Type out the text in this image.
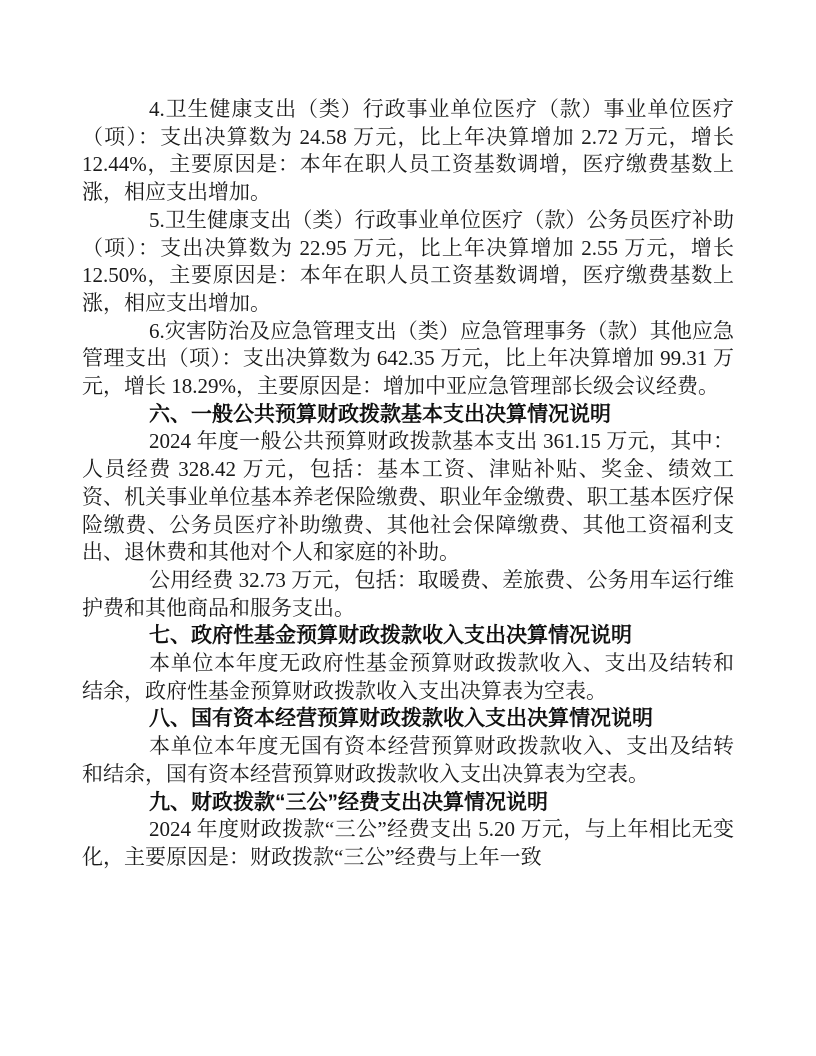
4.卫生健康支出（类）行政事业单位医疗（款）事业单位医疗（项）：支出决算数为 24.58 万元，比上年决算增加 2.72 万元，增长 12.44%，主要原因是：本年在职人员工资基数调增，医疗缴费基数上涨，相应支出增加。

5.卫生健康支出（类）行政事业单位医疗（款）公务员医疗补助（项）：支出决算数为 22.95 万元，比上年决算增加 2.55 万元，增长 12.50%，主要原因是：本年在职人员工资基数调增，医疗缴费基数上涨，相应支出增加。

6.灾害防治及应急管理支出（类）应急管理事务（款）其他应急管理支出（项）：支出决算数为 642.35 万元，比上年决算增加 99.31 万元，增长 18.29%，主要原因是：增加中亚应急管理部长级会议经费。

六、一般公共预算财政拨款基本支出决算情况说明

2024 年度一般公共预算财政拨款基本支出 361.15 万元，其中：人员经费 328.42 万元，包括：基本工资、津贴补贴、奖金、绩效工资、机关事业单位基本养老保险缴费、职业年金缴费、职工基本医疗保险缴费、公务员医疗补助缴费、其他社会保障缴费、其他工资福利支出、退休费和其他对个人和家庭的补助。

公用经费 32.73 万元，包括：取暖费、差旅费、公务用车运行维护费和其他商品和服务支出。

七、政府性基金预算财政拨款收入支出决算情况说明

本单位本年度无政府性基金预算财政拨款收入、支出及结转和结余，政府性基金预算财政拨款收入支出决算表为空表。

八、国有资本经营预算财政拨款收入支出决算情况说明

本单位本年度无国有资本经营预算财政拨款收入、支出及结转和结余，国有资本经营预算财政拨款收入支出决算表为空表。

九、财政拨款“三公”经费支出决算情况说明

2024 年度财政拨款“三公”经费支出 5.20 万元，与上年相比无变化，主要原因是：财政拨款“三公”经费与上年一致
